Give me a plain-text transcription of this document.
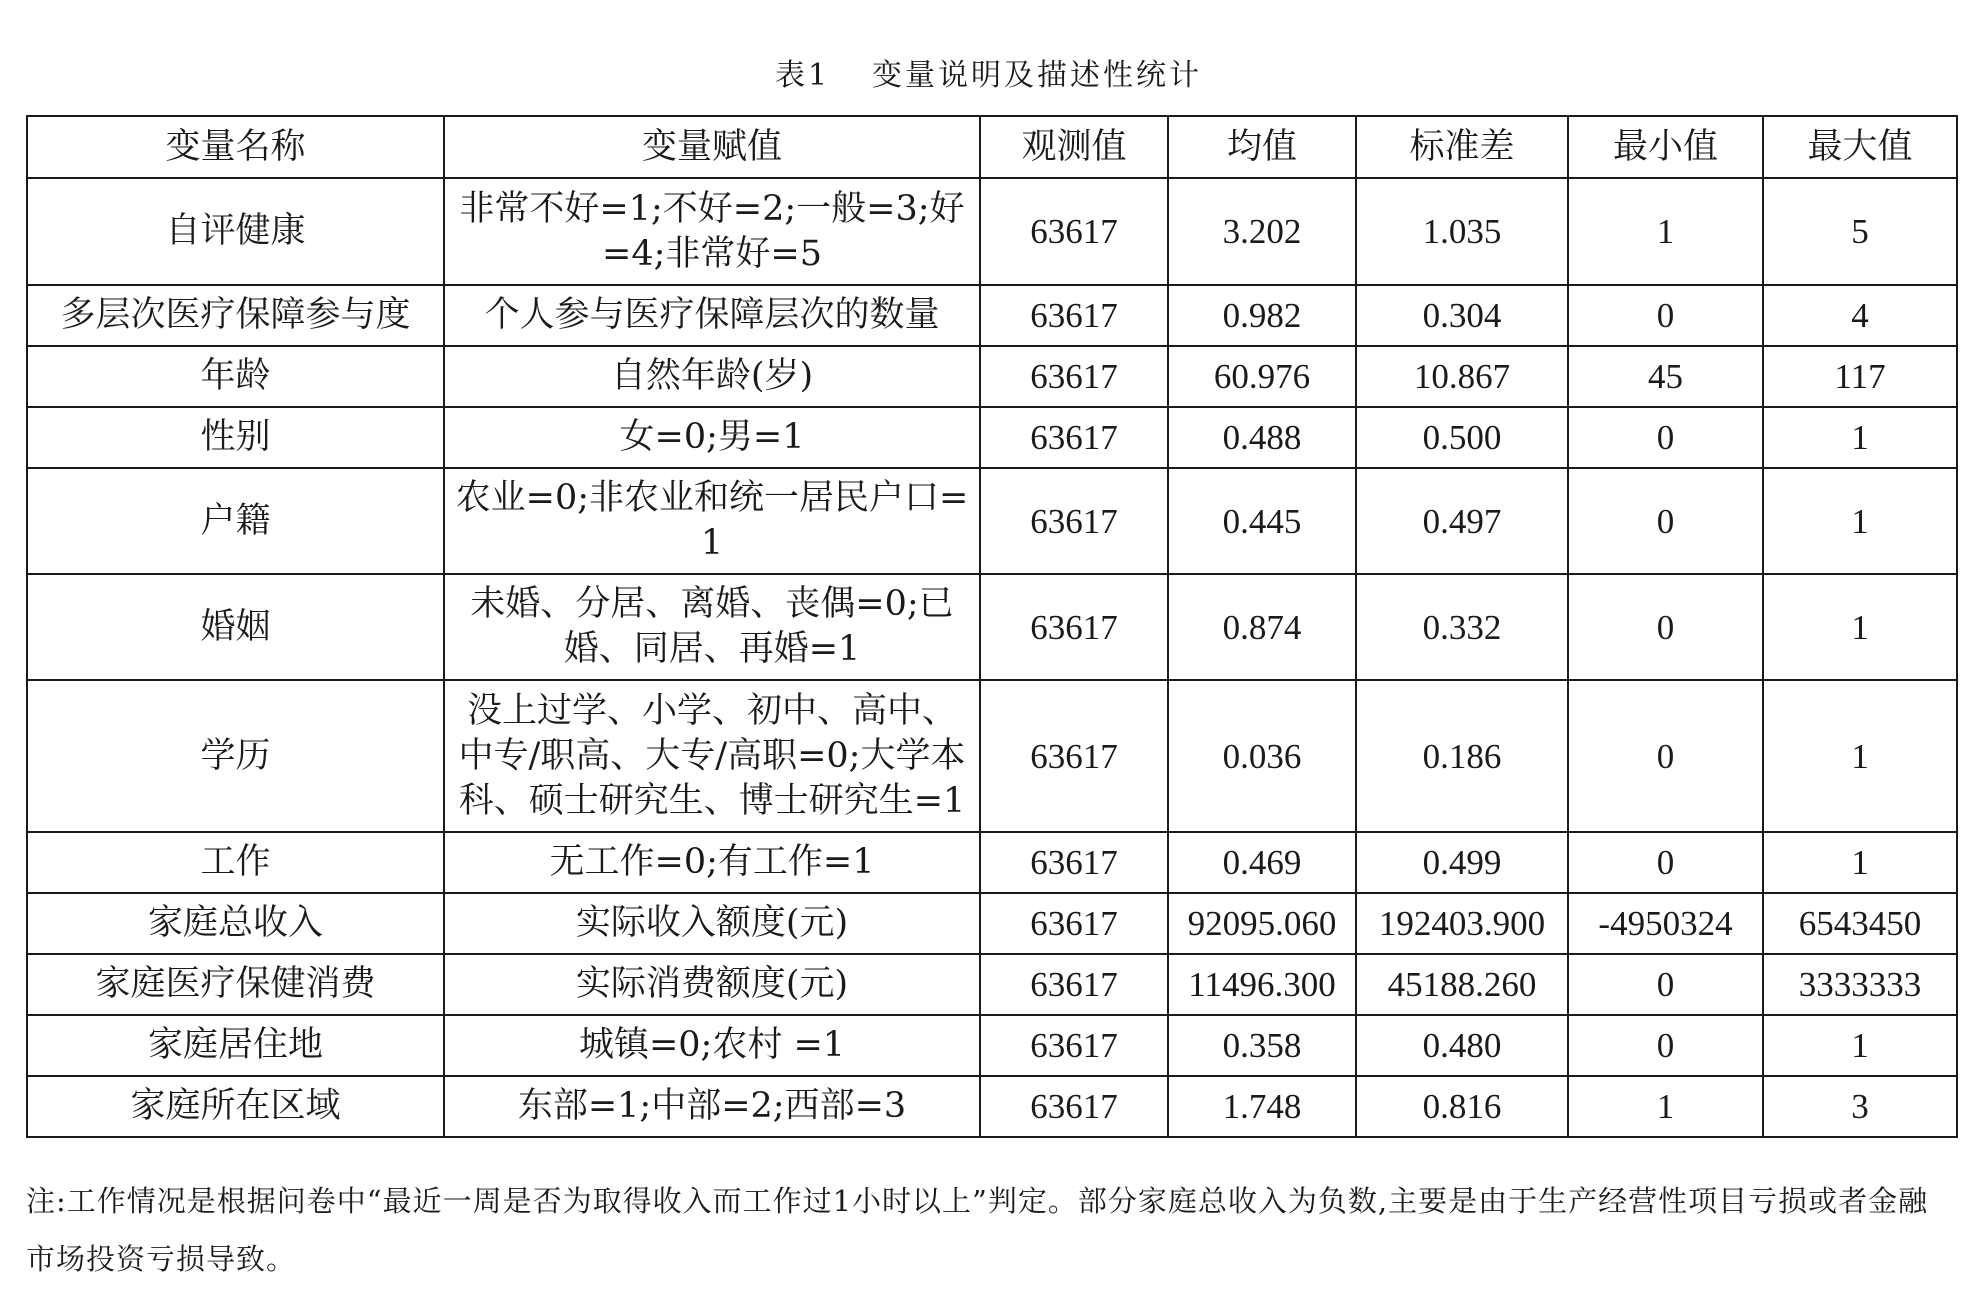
表1 变量说明及描述性统计
变量名称	变量赋值	观测值	均值	标准差	最小值	最大值
自评健康	非常不好=1;不好=2;一般=3;好=4;非常好=5	63617	3.202	1.035	1	5
多层次医疗保障参与度	个人参与医疗保障层次的数量	63617	0.982	0.304	0	4
年龄	自然年龄(岁)	63617	60.976	10.867	45	117
性别	女=0;男=1	63617	0.488	0.500	0	1
户籍	农业=0;非农业和统一居民户口=1	63617	0.445	0.497	0	1
婚姻	未婚、分居、离婚、丧偶=0;已婚、同居、再婚=1	63617	0.874	0.332	0	1
学历	没上过学、小学、初中、高中、中专/职高、大专/高职=0;大学本科、硕士研究生、博士研究生=1	63617	0.036	0.186	0	1
工作	无工作=0;有工作=1	63617	0.469	0.499	0	1
家庭总收入	实际收入额度(元)	63617	92095.060	192403.900	-4950324	6543450
家庭医疗保健消费	实际消费额度(元)	63617	11496.300	45188.260	0	3333333
家庭居住地	城镇=0;农村 =1	63617	0.358	0.480	0	1
家庭所在区域	东部=1;中部=2;西部=3	63617	1.748	0.816	1	3
注:工作情况是根据问卷中“最近一周是否为取得收入而工作过1小时以上”判定。部分家庭总收入为负数,主要是由于生产经营性项目亏损或者金融市场投资亏损导致。
